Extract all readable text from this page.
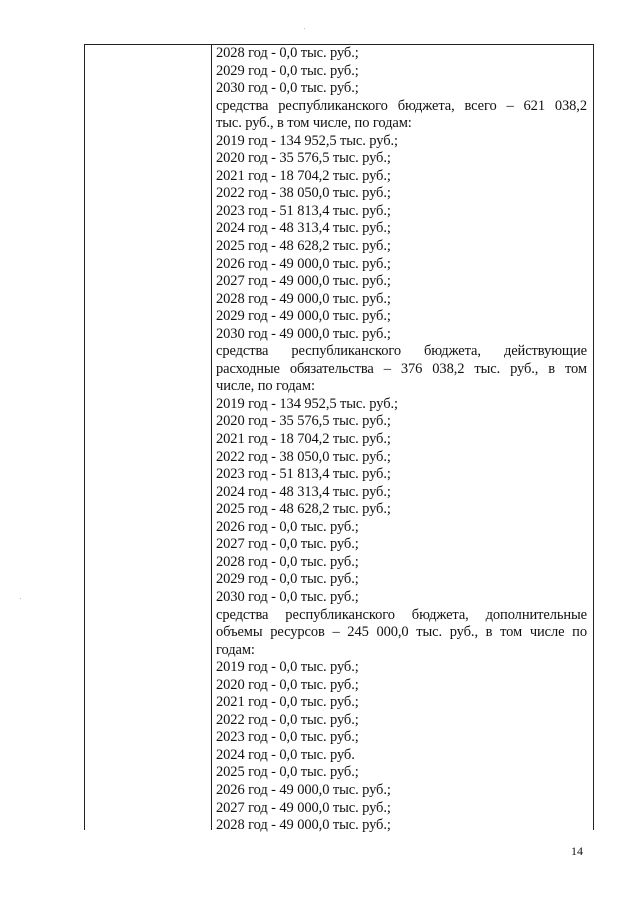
2028 год - 0,0 тыс. руб.;
2029 год - 0,0 тыс. руб.;
2030 год - 0,0 тыс. руб.;
средства республиканского бюджета, всего – 621 038,2
тыс. руб., в том числе, по годам:
2019 год - 134 952,5 тыс. руб.;
2020 год - 35 576,5 тыс. руб.;
2021 год - 18 704,2 тыс. руб.;
2022 год - 38 050,0 тыс. руб.;
2023 год - 51 813,4 тыс. руб.;
2024 год - 48 313,4 тыс. руб.;
2025 год - 48 628,2 тыс. руб.;
2026 год - 49 000,0 тыс. руб.;
2027 год - 49 000,0 тыс. руб.;
2028 год - 49 000,0 тыс. руб.;
2029 год - 49 000,0 тыс. руб.;
2030 год - 49 000,0 тыс. руб.;
средства республиканского бюджета, действующие
расходные обязательства – 376 038,2 тыс. руб., в том
числе, по годам:
2019 год - 134 952,5 тыс. руб.;
2020 год - 35 576,5 тыс. руб.;
2021 год - 18 704,2 тыс. руб.;
2022 год - 38 050,0 тыс. руб.;
2023 год - 51 813,4 тыс. руб.;
2024 год - 48 313,4 тыс. руб.;
2025 год - 48 628,2 тыс. руб.;
2026 год - 0,0 тыс. руб.;
2027 год - 0,0 тыс. руб.;
2028 год - 0,0 тыс. руб.;
2029 год - 0,0 тыс. руб.;
2030 год - 0,0 тыс. руб.;
средства республиканского бюджета, дополнительные
объемы ресурсов – 245 000,0 тыс. руб., в том числе по
годам:
2019 год - 0,0 тыс. руб.;
2020 год - 0,0 тыс. руб.;
2021 год - 0,0 тыс. руб.;
2022 год - 0,0 тыс. руб.;
2023 год - 0,0 тыс. руб.;
2024 год - 0,0 тыс. руб.
2025 год - 0,0 тыс. руб.;
2026 год - 49 000,0 тыс. руб.;
2027 год - 49 000,0 тыс. руб.;
2028 год - 49 000,0 тыс. руб.;
14
